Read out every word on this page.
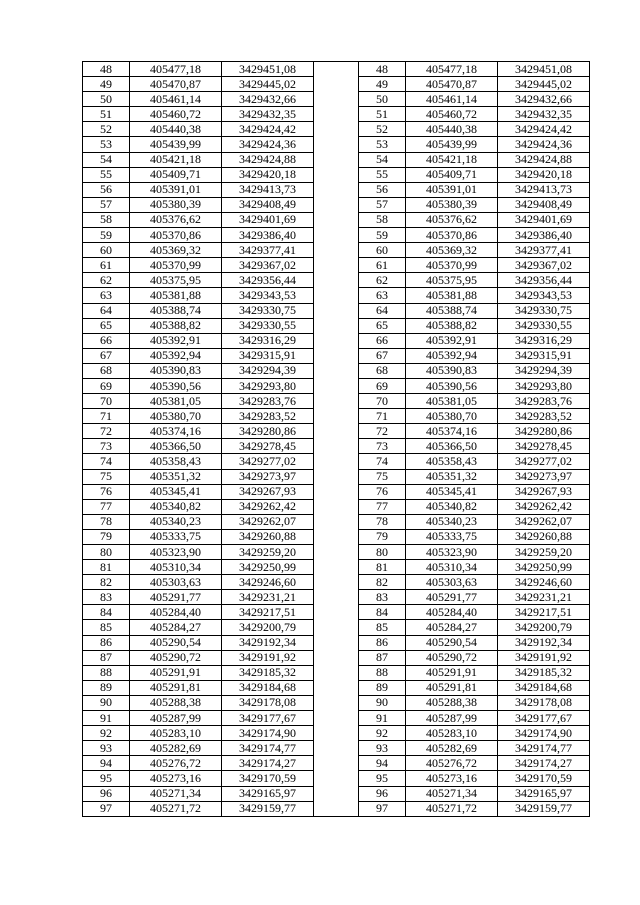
48	405477,18	3429451,08		48	405477,18	3429451,08
49	405470,87	3429445,02		49	405470,87	3429445,02
50	405461,14	3429432,66		50	405461,14	3429432,66
51	405460,72	3429432,35		51	405460,72	3429432,35
52	405440,38	3429424,42		52	405440,38	3429424,42
53	405439,99	3429424,36		53	405439,99	3429424,36
54	405421,18	3429424,88		54	405421,18	3429424,88
55	405409,71	3429420,18		55	405409,71	3429420,18
56	405391,01	3429413,73		56	405391,01	3429413,73
57	405380,39	3429408,49		57	405380,39	3429408,49
58	405376,62	3429401,69		58	405376,62	3429401,69
59	405370,86	3429386,40		59	405370,86	3429386,40
60	405369,32	3429377,41		60	405369,32	3429377,41
61	405370,99	3429367,02		61	405370,99	3429367,02
62	405375,95	3429356,44		62	405375,95	3429356,44
63	405381,88	3429343,53		63	405381,88	3429343,53
64	405388,74	3429330,75		64	405388,74	3429330,75
65	405388,82	3429330,55		65	405388,82	3429330,55
66	405392,91	3429316,29		66	405392,91	3429316,29
67	405392,94	3429315,91		67	405392,94	3429315,91
68	405390,83	3429294,39		68	405390,83	3429294,39
69	405390,56	3429293,80		69	405390,56	3429293,80
70	405381,05	3429283,76		70	405381,05	3429283,76
71	405380,70	3429283,52		71	405380,70	3429283,52
72	405374,16	3429280,86		72	405374,16	3429280,86
73	405366,50	3429278,45		73	405366,50	3429278,45
74	405358,43	3429277,02		74	405358,43	3429277,02
75	405351,32	3429273,97		75	405351,32	3429273,97
76	405345,41	3429267,93		76	405345,41	3429267,93
77	405340,82	3429262,42		77	405340,82	3429262,42
78	405340,23	3429262,07		78	405340,23	3429262,07
79	405333,75	3429260,88		79	405333,75	3429260,88
80	405323,90	3429259,20		80	405323,90	3429259,20
81	405310,34	3429250,99		81	405310,34	3429250,99
82	405303,63	3429246,60		82	405303,63	3429246,60
83	405291,77	3429231,21		83	405291,77	3429231,21
84	405284,40	3429217,51		84	405284,40	3429217,51
85	405284,27	3429200,79		85	405284,27	3429200,79
86	405290,54	3429192,34		86	405290,54	3429192,34
87	405290,72	3429191,92		87	405290,72	3429191,92
88	405291,91	3429185,32		88	405291,91	3429185,32
89	405291,81	3429184,68		89	405291,81	3429184,68
90	405288,38	3429178,08		90	405288,38	3429178,08
91	405287,99	3429177,67		91	405287,99	3429177,67
92	405283,10	3429174,90		92	405283,10	3429174,90
93	405282,69	3429174,77		93	405282,69	3429174,77
94	405276,72	3429174,27		94	405276,72	3429174,27
95	405273,16	3429170,59		95	405273,16	3429170,59
96	405271,34	3429165,97		96	405271,34	3429165,97
97	405271,72	3429159,77		97	405271,72	3429159,77
